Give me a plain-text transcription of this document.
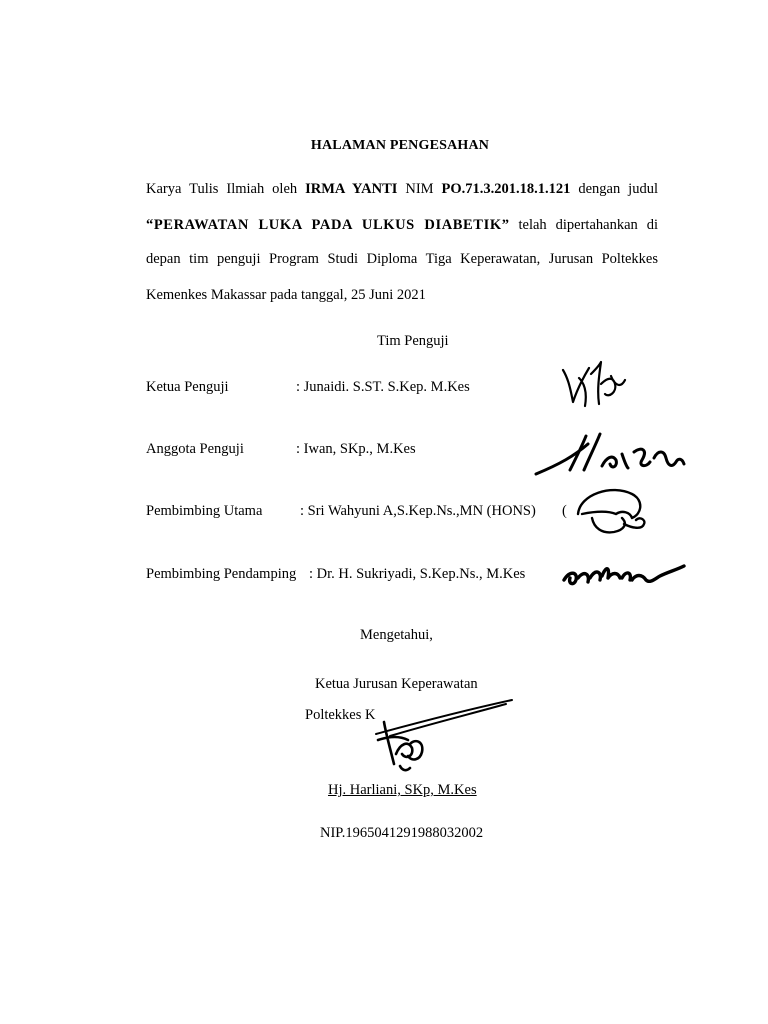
HALAMAN PENGESAHAN
Karya Tulis Ilmiah oleh IRMA YANTI NIM PO.71.3.201.18.1.121 dengan judul
“PERAWATAN LUKA PADA ULKUS DIABETIK” telah dipertahankan di
depan tim penguji Program Studi Diploma Tiga Keperawatan, Jurusan Poltekkes
Kemenkes Makassar pada tanggal, 25 Juni 2021
Tim Penguji
Ketua Penguji	: Junaidi. S.ST. S.Kep. M.Kes
Anggota Penguji	: Iwan, SKp., M.Kes
Pembimbing Utama	: Sri Wahyuni A,S.Kep.Ns.,MN (HONS) (
Pembimbing Pendamping : Dr. H. Sukriyadi, S.Kep.Ns., M.Kes
Mengetahui,
Ketua Jurusan Keperawatan
Poltekkes K
Hj. Harliani, SKp, M.Kes
NIP.196504129198803200​2
